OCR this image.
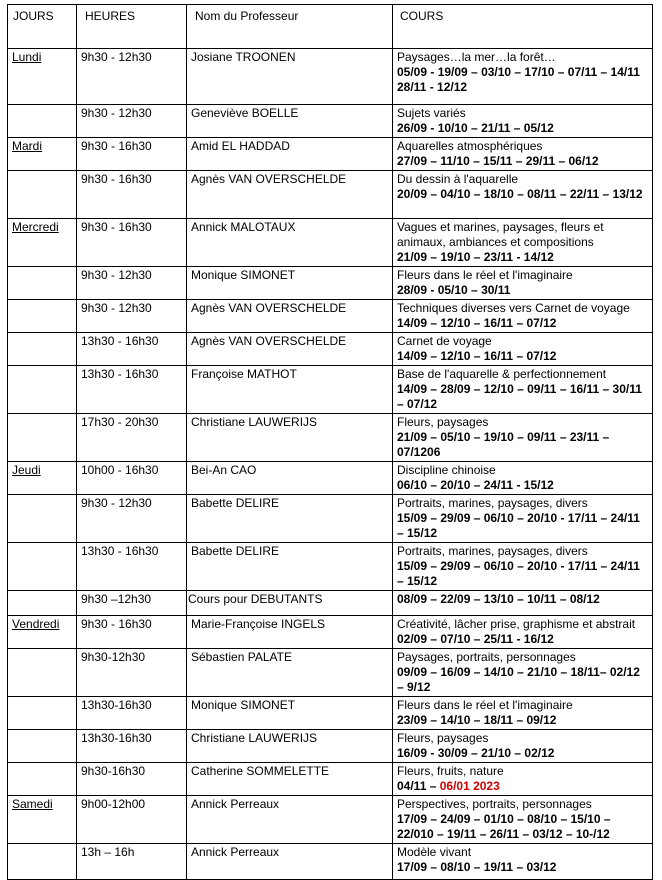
JOURS	HEURES	Nom du Professeur	COURS
Lundi	9h30 - 12h30	Josiane TROONEN	Paysages…la mer…la forêt…
05/09 - 19/09 – 03/10 – 17/10 – 07/11 – 14/11 28/11 - 12/12

	9h30 - 12h30	Geneviève BOELLE	Sujets variés
26/09 - 10/10 – 21/11 – 05/12

Mardi	9h30 - 16h30	Amid EL HADDAD	Aquarelles atmosphériques
27/09 – 11/10 – 15/11 – 29/11 – 06/12

	9h30 - 16h30	Agnès VAN OVERSCHELDE	Du dessin à l'aquarelle
20/09 – 04/10 – 18/10 – 08/11 – 22/11 – 13/12

Mercredi	9h30 - 16h30	Annick MALOTAUX	Vagues et marines, paysages, fleurs et animaux, ambiances et compositions
21/09 – 19/10 – 23/11 - 14/12

	9h30 - 12h30	Monique SIMONET	Fleurs dans le réel et l'imaginaire
28/09 - 05/10 – 30/11

	9h30 - 12h30	Agnès VAN OVERSCHELDE	Techniques diverses vers Carnet de voyage
14/09 – 12/10 – 16/11 – 07/12

	13h30 - 16h30	Agnès VAN OVERSCHELDE	Carnet de voyage
14/09 – 12/10 – 16/11 – 07/12

	13h30 - 16h30	Françoise MATHOT	Base de l'aquarelle & perfectionnement
14/09 – 28/09 – 12/10 – 09/11 – 16/11 – 30/11 – 07/12

	17h30 - 20h30	Christiane LAUWERIJS	Fleurs, paysages
21/09 – 05/10 – 19/10 – 09/11 – 23/11 – 07/1206

Jeudi	10h00 - 16h30	Bei-An CAO	Discipline chinoise
06/10 – 20/10 – 24/11 - 15/12

	9h30 - 12h30	Babette DELIRE	Portraits, marines, paysages, divers
15/09 – 29/09 – 06/10 – 20/10 - 17/11 – 24/11 – 15/12

	13h30 - 16h30	Babette DELIRE	Portraits, marines, paysages, divers
15/09 – 29/09 – 06/10 – 20/10 - 17/11 – 24/11 – 15/12

	9h30 –12h30	Cours pour DEBUTANTS	08/09 – 22/09 – 13/10 – 10/11 – 08/12

Vendredi	9h30 - 16h30	Marie-Françoise INGELS	Créativité, lâcher prise, graphisme et abstrait
02/09 – 07/10 – 25/11 - 16/12

	9h30-12h30	Sébastien PALATE	Paysages, portraits, personnages
09/09 – 16/09 – 14/10 – 21/10 – 18/11– 02/12 – 9/12

	13h30-16h30	Monique SIMONET	Fleurs dans le réel et l'imaginaire
23/09 – 14/10 – 18/11 – 09/12

	13h30-16h30	Christiane LAUWERIJS	Fleurs, paysages
16/09 - 30/09 – 21/10 – 02/12

	9h30-16h30	Catherine SOMMELETTE	Fleurs, fruits, nature
04/11 – 06/01 2023

Samedi	9h00-12h00	Annick Perreaux	Perspectives, portraits, personnages
17/09 – 24/09 – 01/10 – 08/10 – 15/10 – 22/010 – 19/11 – 26/11 – 03/12 – 10-/12

	13h – 16h	Annick Perreaux	Modèle vivant
17/09 – 08/10 – 19/11 – 03/12
